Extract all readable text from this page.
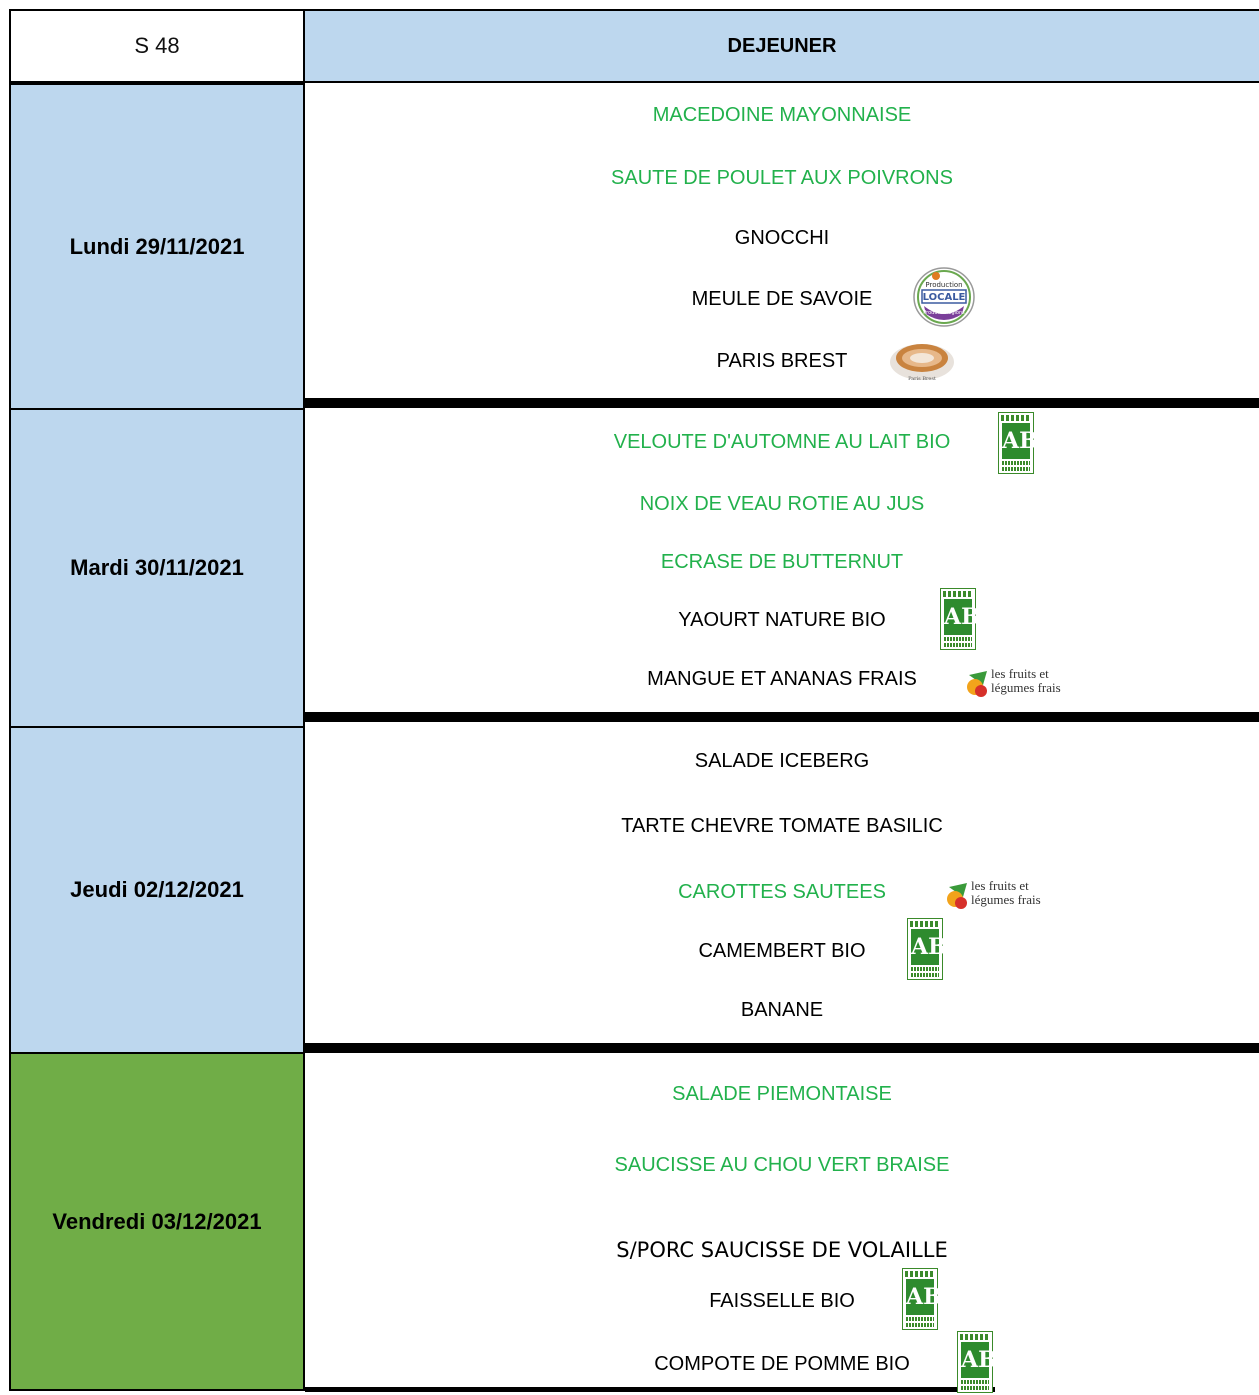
S 48	DEJEUNER
Lundi 29/11/2021
Mardi 30/11/2021
Jeudi 02/12/2021
Vendredi 03/12/2021
MACEDOINE MAYONNAISE
SAUTE DE POULET AUX POIVRONS
GNOCCHI
MEULE DE SAVOIE
PARIS BREST
Production
LOCALE
Produits Régions
Paris Brest
VELOUTE D'AUTOMNE AU LAIT BIO
NOIX DE VEAU ROTIE AU JUS
ECRASE DE BUTTERNUT
YAOURT NATURE BIO
MANGUE ET ANANAS FRAIS
AB
AB
les fruits et
légumes frais
SALADE ICEBERG
TARTE CHEVRE TOMATE BASILIC
CAROTTES SAUTEES
CAMEMBERT BIO
BANANE
les fruits et
légumes frais
AB
SALADE PIEMONTAISE
SAUCISSE AU CHOU VERT BRAISE
S/PORC SAUCISSE DE VOLAILLE
FAISSELLE BIO
COMPOTE DE POMME BIO
AB
AB
